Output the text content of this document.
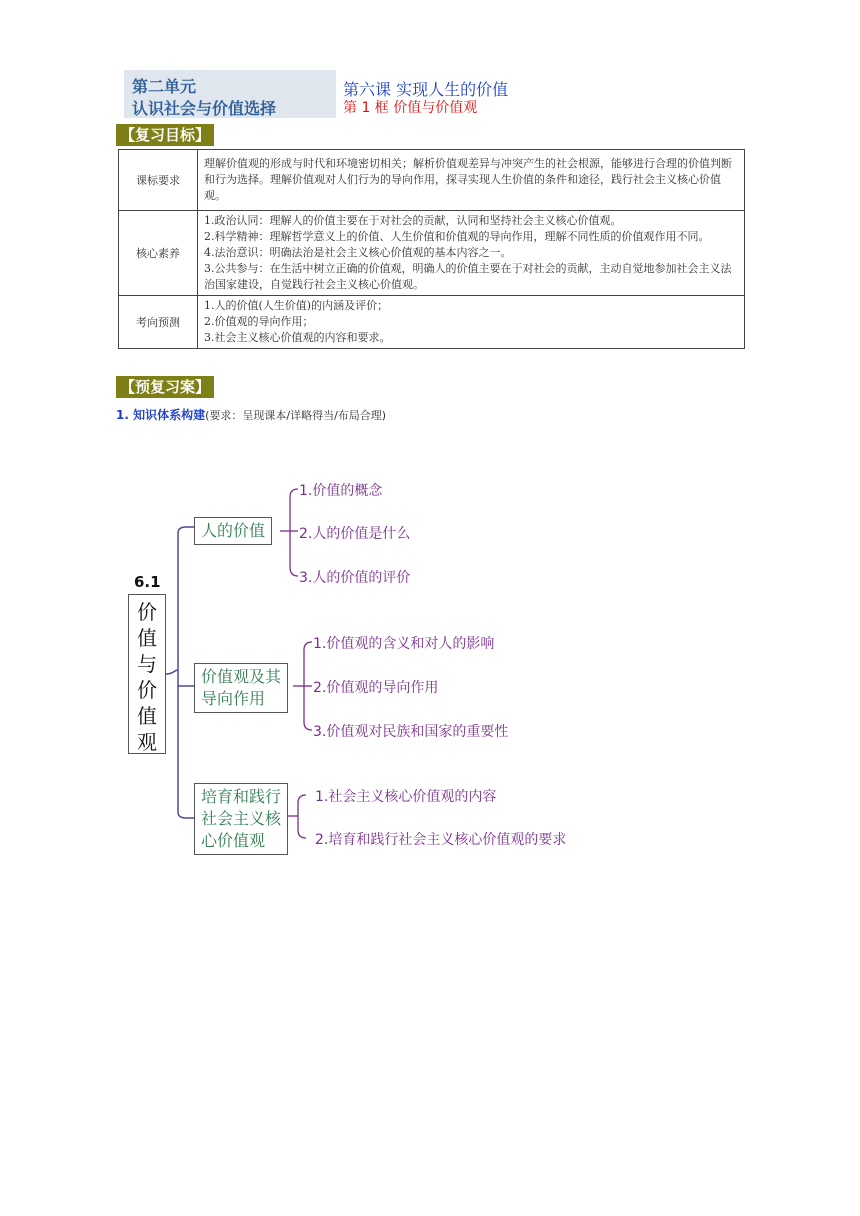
第二单元
认识社会与价值选择
第六课 实现人生的价值
第 1 框 价值与价值观
【复习目标】
课标要求	理解价值观的形成与时代和环境密切相关；解析价值观差异与冲突产生的社会根源，能够进行合理的价值判断和行为选择。理解价值观对人们行为的导向作用，探寻实现人生价值的条件和途径，践行社会主义核心价值观。

核心素养	1.政治认同：理解人的价值主要在于对社会的贡献，认同和坚持社会主义核心价值观。
2.科学精神：理解哲学意义上的价值、人生价值和价值观的导向作用，理解不同性质的价值观作用不同。
4.法治意识：明确法治是社会主义核心价值观的基本内容之一。
3.公共参与：在生活中树立正确的价值观，明确人的价值主要在于对社会的贡献，主动自觉地参加社会主义法治国家建设，自觉践行社会主义核心价值观。

考向预测	1.人的价值(人生价值)的内涵及评价；
2.价值观的导向作用；
3.社会主义核心价值观的内容和要求。
【预复习案】
1. 知识体系构建(要求：呈现课本/详略得当/布局合理)
6.1
价
值
与
价
值
观
人的价值
价值观及其
导向作用
培育和践行
社会主义核
心价值观
1.价值的概念
2.人的价值是什么
3.人的价值的评价
1.价值观的含义和对人的影响
2.价值观的导向作用
3.价值观对民族和国家的重要性
1.社会主义核心价值观的内容
2.培育和践行社会主义核心价值观的要求
